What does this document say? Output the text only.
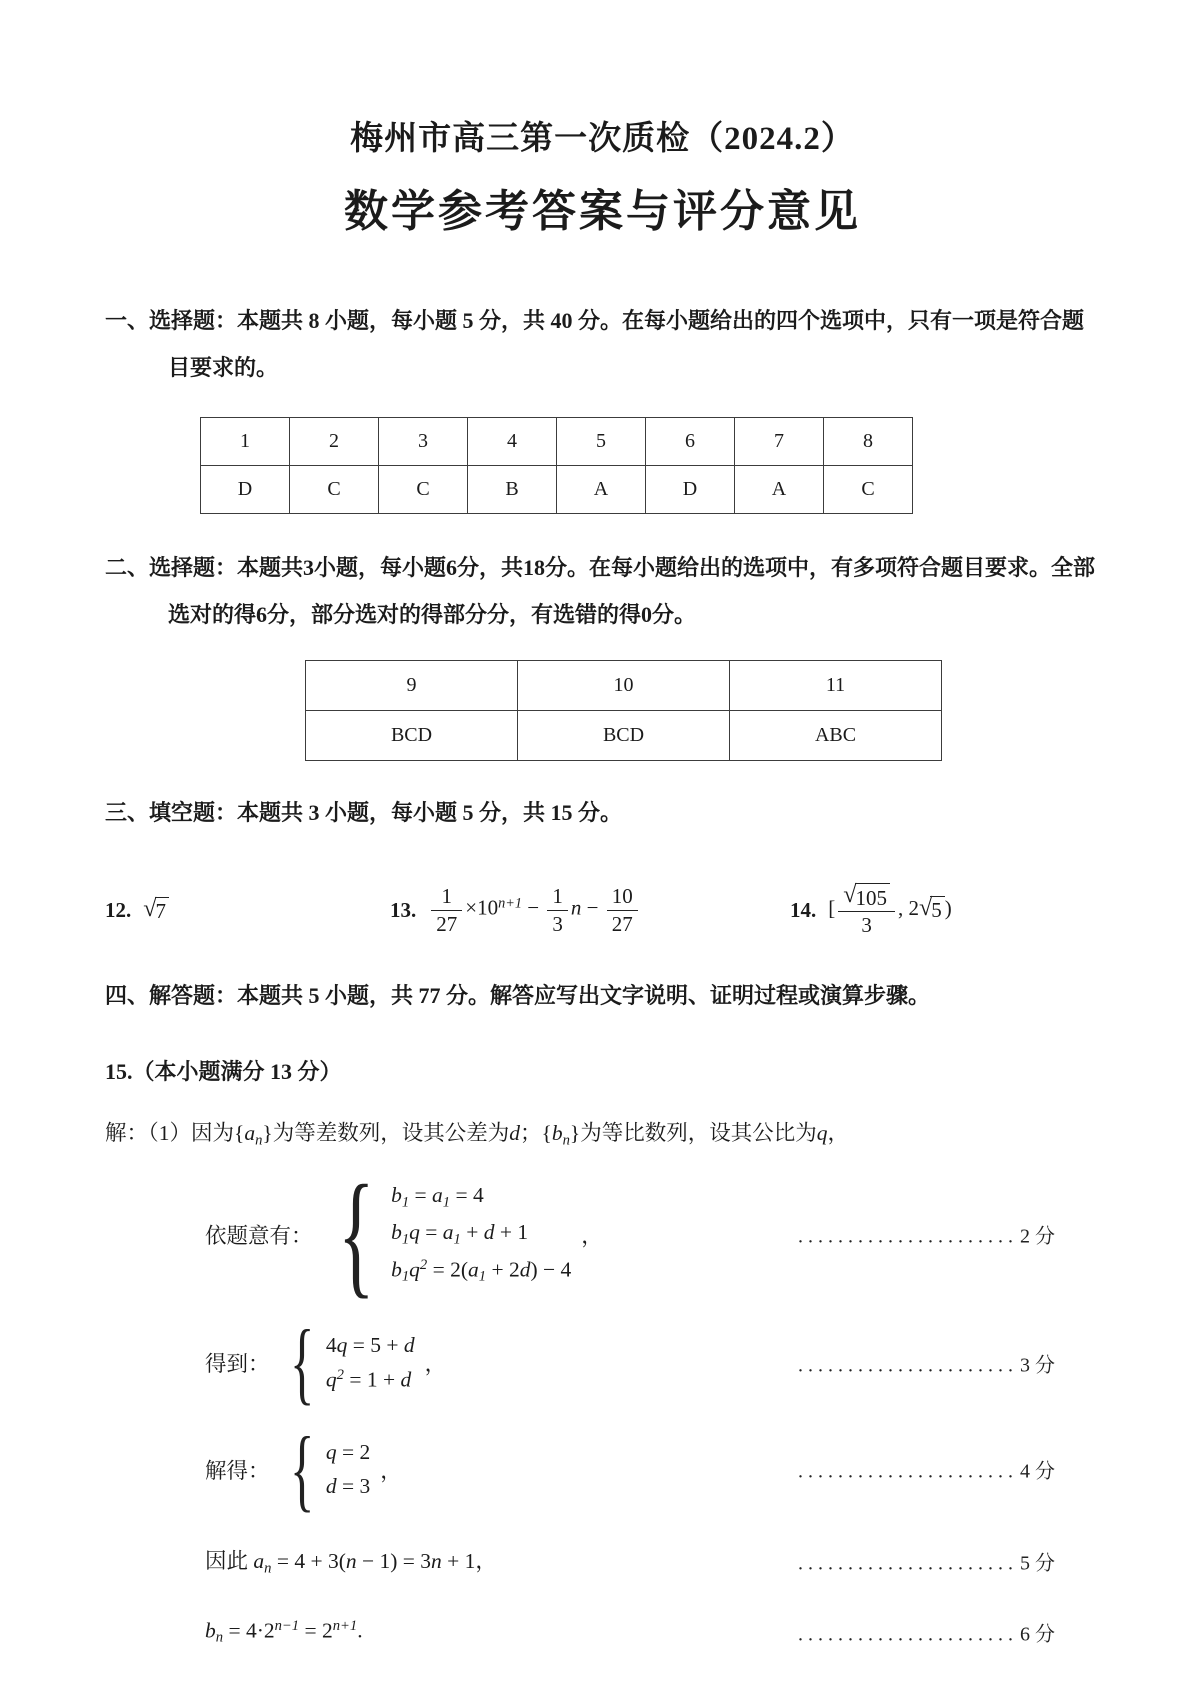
梅州市高三第一次质检（2024.2）
数学参考答案与评分意见

一、选择题：本题共 8 小题，每小题 5 分，共 40 分。在每小题给出的四个选项中，只有一项是符合题目要求的。

1	2	3	4	5	6	7	8
D	C	C	B	A	D	A	C

二、选择题：本题共3小题，每小题6分，共18分。在每小题给出的选项中，有多项符合题目要求。全部选对的得6分，部分选对的得部分分，有选错的得0分。

9	10	11
BCD	BCD	ABC

三、填空题：本题共 3 小题，每小题 5 分，共 15 分。

12. √ 7	13. $\frac{1}{27} \times 10^{n+1} - \frac{1}{3}$ $n - \frac{10}{27}$	14. [ $\frac{√ 105}{3}$ , 2 √ 5 )

四、解答题：本题共 5 小题，共 77 分。解答应写出文字说明、证明过程或演算步骤。

15.（本小题满分 13 分）
解：（1）因为$\{a_n\}$为等差数列，设其公差为d；$\{b_n\}$为等比数列，设其公比为q，
依题意有： { $b_1 = a_1 = 4$
$b_1q = a_1 + d + 1$
$b_1q^2 = 2(a_1 + 2d) - 4$
，	...................... 2 分
得到： { 4q = 5 + d
$q^2 = 1 + d$
，	...................... 3 分
解得： { q = 2
d = 3
，	...................... 4 分
因此 $a_n = 4 + 3(n - 1) = 3n + 1$，	...................... 5 分
$b_n = 4\cdot 2^{n-1} = 2^{n+1}$.	...................... 6 分
